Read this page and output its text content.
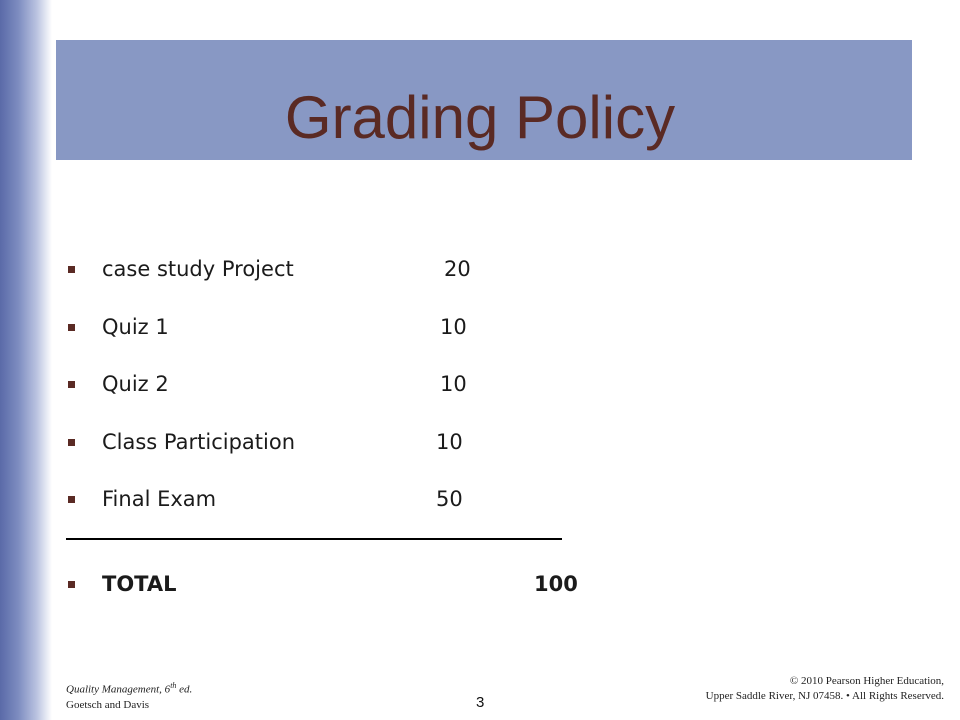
Grading Policy
case study Project	20
Quiz 1	10
Quiz 2	10
Class Participation	10
Final Exam	50
TOTAL	100
Quality Management, 6th ed.
Goetsch and Davis	3
© 2010 Pearson Higher Education,
Upper Saddle River, NJ 07458. • All Rights Reserved.
